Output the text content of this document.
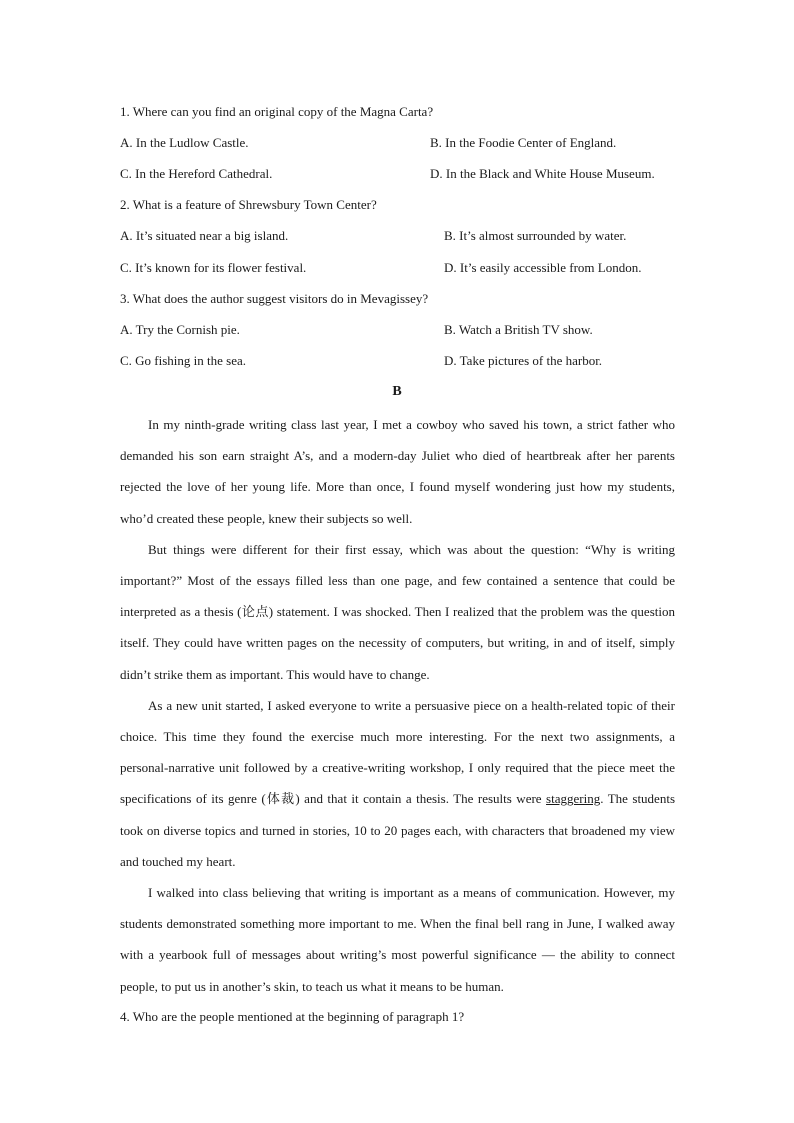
1. Where can you find an original copy of the Magna Carta?
A. In the Ludlow Castle.	B. In the Foodie Center of England.
C. In the Hereford Cathedral.	D. In the Black and White House Museum.
2. What is a feature of Shrewsbury Town Center?
A. It’s situated near a big island.	B. It’s almost surrounded by water.
C. It’s known for its flower festival.	D. It’s easily accessible from London.
3. What does the author suggest visitors do in Mevagissey?
A. Try the Cornish pie.	B. Watch a British TV show.
C. Go fishing in the sea.	D. Take pictures of the harbor.
B

In my ninth-grade writing class last year, I met a cowboy who saved his town, a strict father who demanded his son earn straight A’s, and a modern-day Juliet who died of heartbreak after her parents rejected the love of her young life. More than once, I found myself wondering just how my students, who’d created these people, knew their subjects so well.

But things were different for their first essay, which was about the question: “Why is writing important?” Most of the essays filled less than one page, and few contained a sentence that could be interpreted as a thesis (论点) statement. I was shocked. Then I realized that the problem was the question itself. They could have written pages on the necessity of computers, but writing, in and of itself, simply didn’t strike them as important. This would have to change.

As a new unit started, I asked everyone to write a persuasive piece on a health-related topic of their choice. This time they found the exercise much more interesting. For the next two assignments, a personal-narrative unit followed by a creative-writing workshop, I only required that the piece meet the specifications of its genre (体裁) and that it contain a thesis. The results were staggering. The students took on diverse topics and turned in stories, 10 to 20 pages each, with characters that broadened my view and touched my heart.

I walked into class believing that writing is important as a means of communication. However, my students demonstrated something more important to me. When the final bell rang in June, I walked away with a yearbook full of messages about writing’s most powerful significance — the ability to connect people, to put us in another’s skin, to teach us what it means to be human.

4. Who are the people mentioned at the beginning of paragraph 1?
